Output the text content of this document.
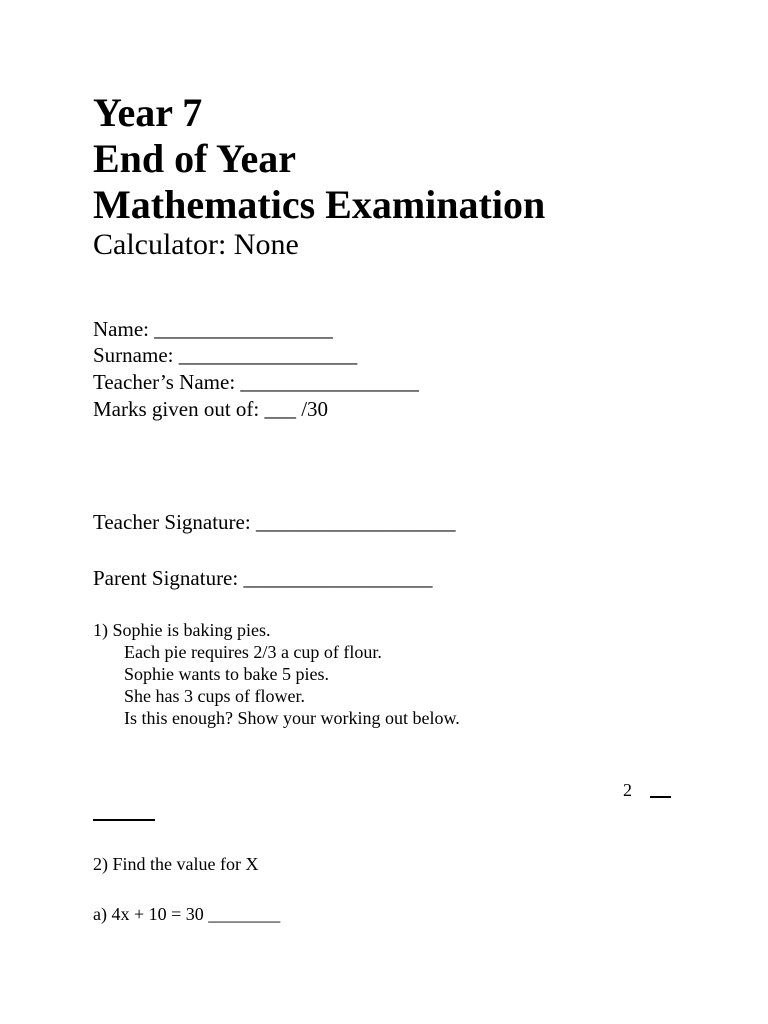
Year 7
End of Year
Mathematics Examination
Calculator: None
Name: _________________
Surname: _________________
Teacher’s Name: _________________
Marks given out of: ___ /30
Teacher Signature: ___________________
Parent Signature: __________________
1) Sophie is baking pies.
Each pie requires 2/3 a cup of flour.
Sophie wants to bake 5 pies.
She has 3 cups of flower.
Is this enough? Show your working out below.
2
2) Find the value for X
a) 4x + 10 = 30 ________
